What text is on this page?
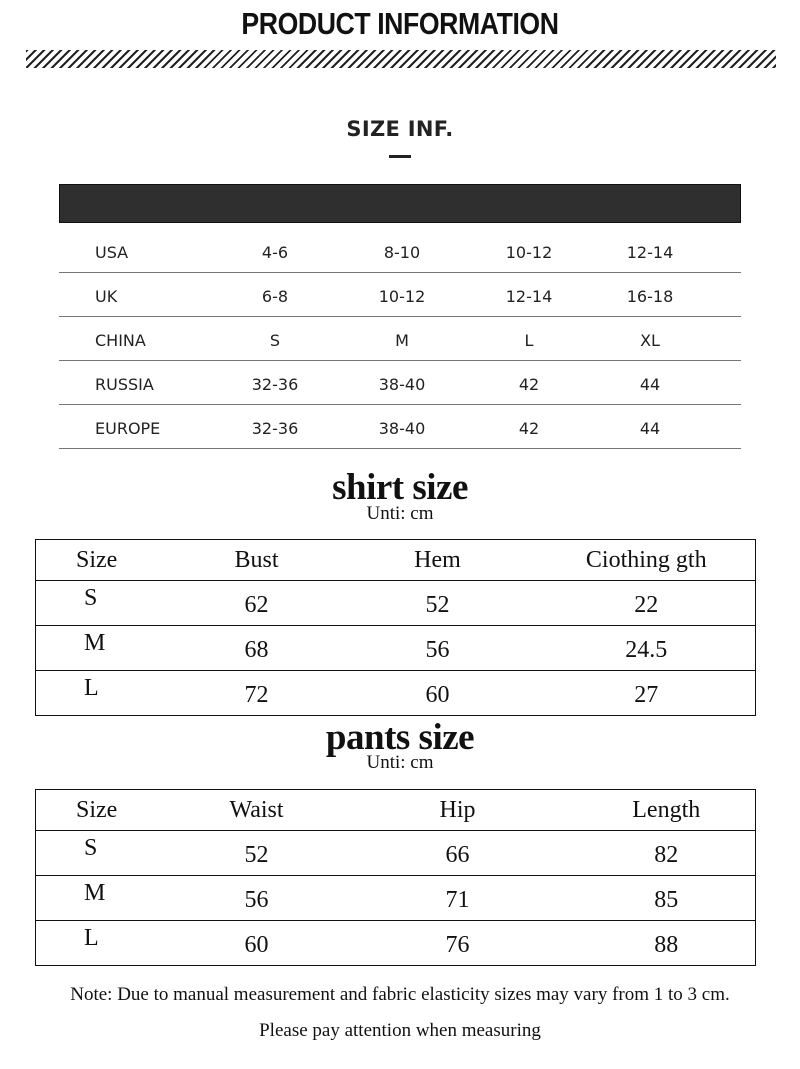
PRODUCT INFORMATION
SIZE INF.
USA	4-6	8-10	10-12	12-14
UK	6-8	10-12	12-14	16-18
CHINA	S	M	L	XL
RUSSIA	32-36	38-40	42	44
EUROPE	32-36	38-40	42	44
shirt size
Unti: cm
Size	Bust	Hem	Ciothing gth
S	62	52	22
M	68	56	24.5
L	72	60	27
pants size
Unti: cm
Size	Waist	Hip	Length
S	52	66	82
M	56	71	85
L	60	76	88
Note: Due to manual measurement and fabric elasticity sizes may vary from 1 to 3 cm.
Please pay attention when measuring
